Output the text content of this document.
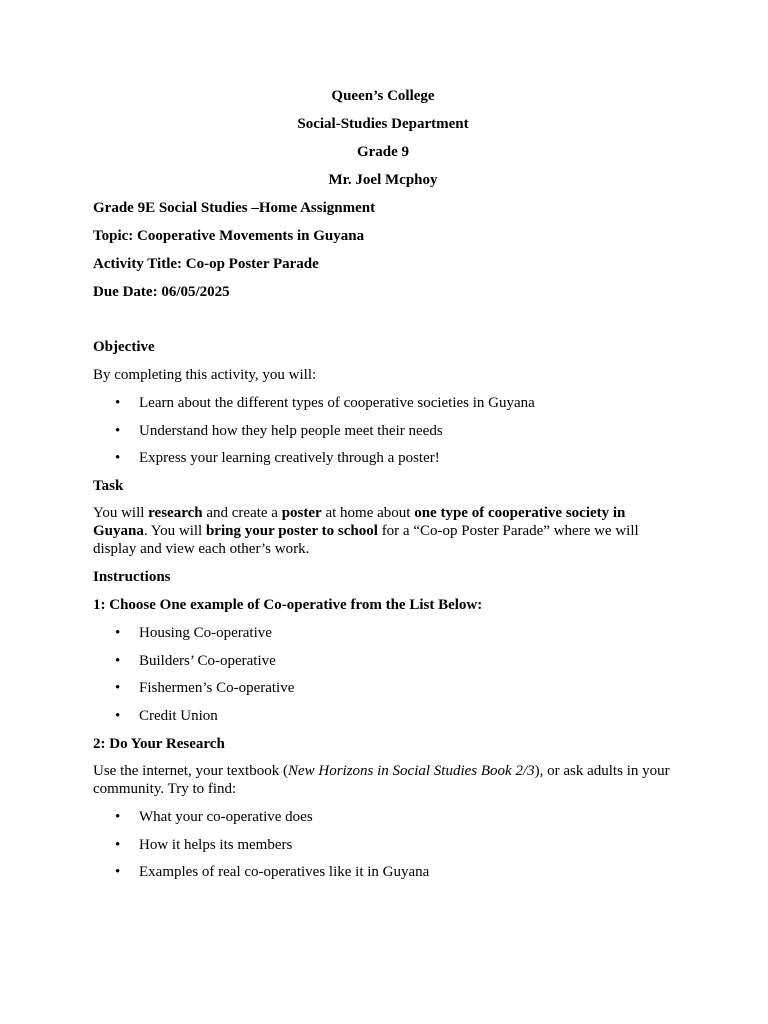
Queen’s College

Social-Studies Department

Grade 9

Mr. Joel Mcphoy

Grade 9E Social Studies –Home Assignment

Topic: Cooperative Movements in Guyana

Activity Title: Co-op Poster Parade

Due Date: 06/05/2025

Objective

By completing this activity, you will:

• Learn about the different types of cooperative societies in Guyana
• Understand how they help people meet their needs
• Express your learning creatively through a poster!

Task

You will research and create a poster at home about one type of cooperative society in Guyana. You will bring your poster to school for a “Co-op Poster Parade” where we will display and view each other’s work.

Instructions

1: Choose One example of Co-operative from the List Below:

• Housing Co-operative
• Builders’ Co-operative
• Fishermen’s Co-operative
• Credit Union

2: Do Your Research

Use the internet, your textbook (New Horizons in Social Studies Book 2/3), or ask adults in your community. Try to find:

• What your co-operative does
• How it helps its members
• Examples of real co-operatives like it in Guyana
